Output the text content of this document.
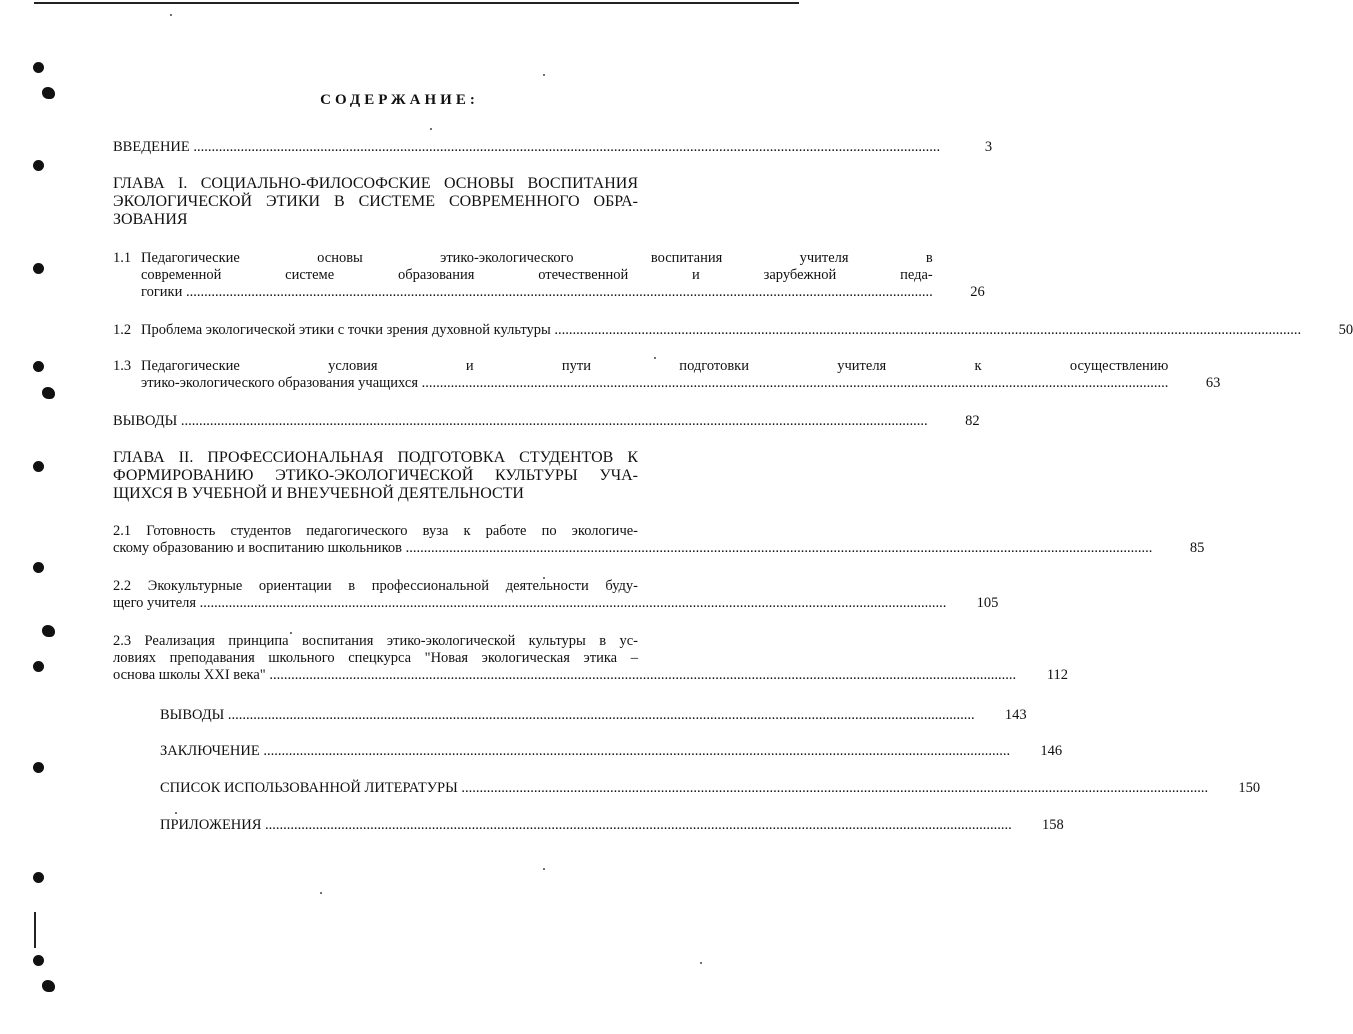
СОДЕРЖАНИЕ:
ВВЕДЕНИЕ .....	3
ГЛАВА I. СОЦИАЛЬНО-ФИЛОСОФСКИЕ ОСНОВЫ ВОСПИТАНИЯ
ЭКОЛОГИЧЕСКОЙ ЭТИКИ В СИСТЕМЕ СОВРЕМЕННОГО ОБРА-
ЗОВАНИЯ
1.1 Педагогические основы этико-экологического воспитания учителя в
современной системе образования отечественной и зарубежной педа-
гогики .....	26
1.2 Проблема экологической этики с точки зрения духовной культуры .....	50
1.3 Педагогические условия и пути подготовки учителя к осуществлению
этико-экологического образования учащихся .....	63
ВЫВОДЫ .....	82
ГЛАВА II. ПРОФЕССИОНАЛЬНАЯ ПОДГОТОВКА СТУДЕНТОВ К
ФОРМИРОВАНИЮ ЭТИКО-ЭКОЛОГИЧЕСКОЙ КУЛЬТУРЫ УЧА-
ЩИХСЯ В УЧЕБНОЙ И ВНЕУЧЕБНОЙ ДЕЯТЕЛЬНОСТИ
2.1 Готовность студентов педагогического вуза к работе по экологиче-
скому образованию и воспитанию школьников .....	85
2.2 Экокультурные ориентации в профессиональной деятельности буду-
щего учителя .....	105
2.3 Реализация принципа воспитания этико-экологической культуры в ус-
ловиях преподавания школьного спецкурса "Новая экологическая этика –
основа школы XXI века" .....	112
ВЫВОДЫ .....	143
ЗАКЛЮЧЕНИЕ .....	146
СПИСОК ИСПОЛЬЗОВАННОЙ ЛИТЕРАТУРЫ .....	150
ПРИЛОЖЕНИЯ .....	158
